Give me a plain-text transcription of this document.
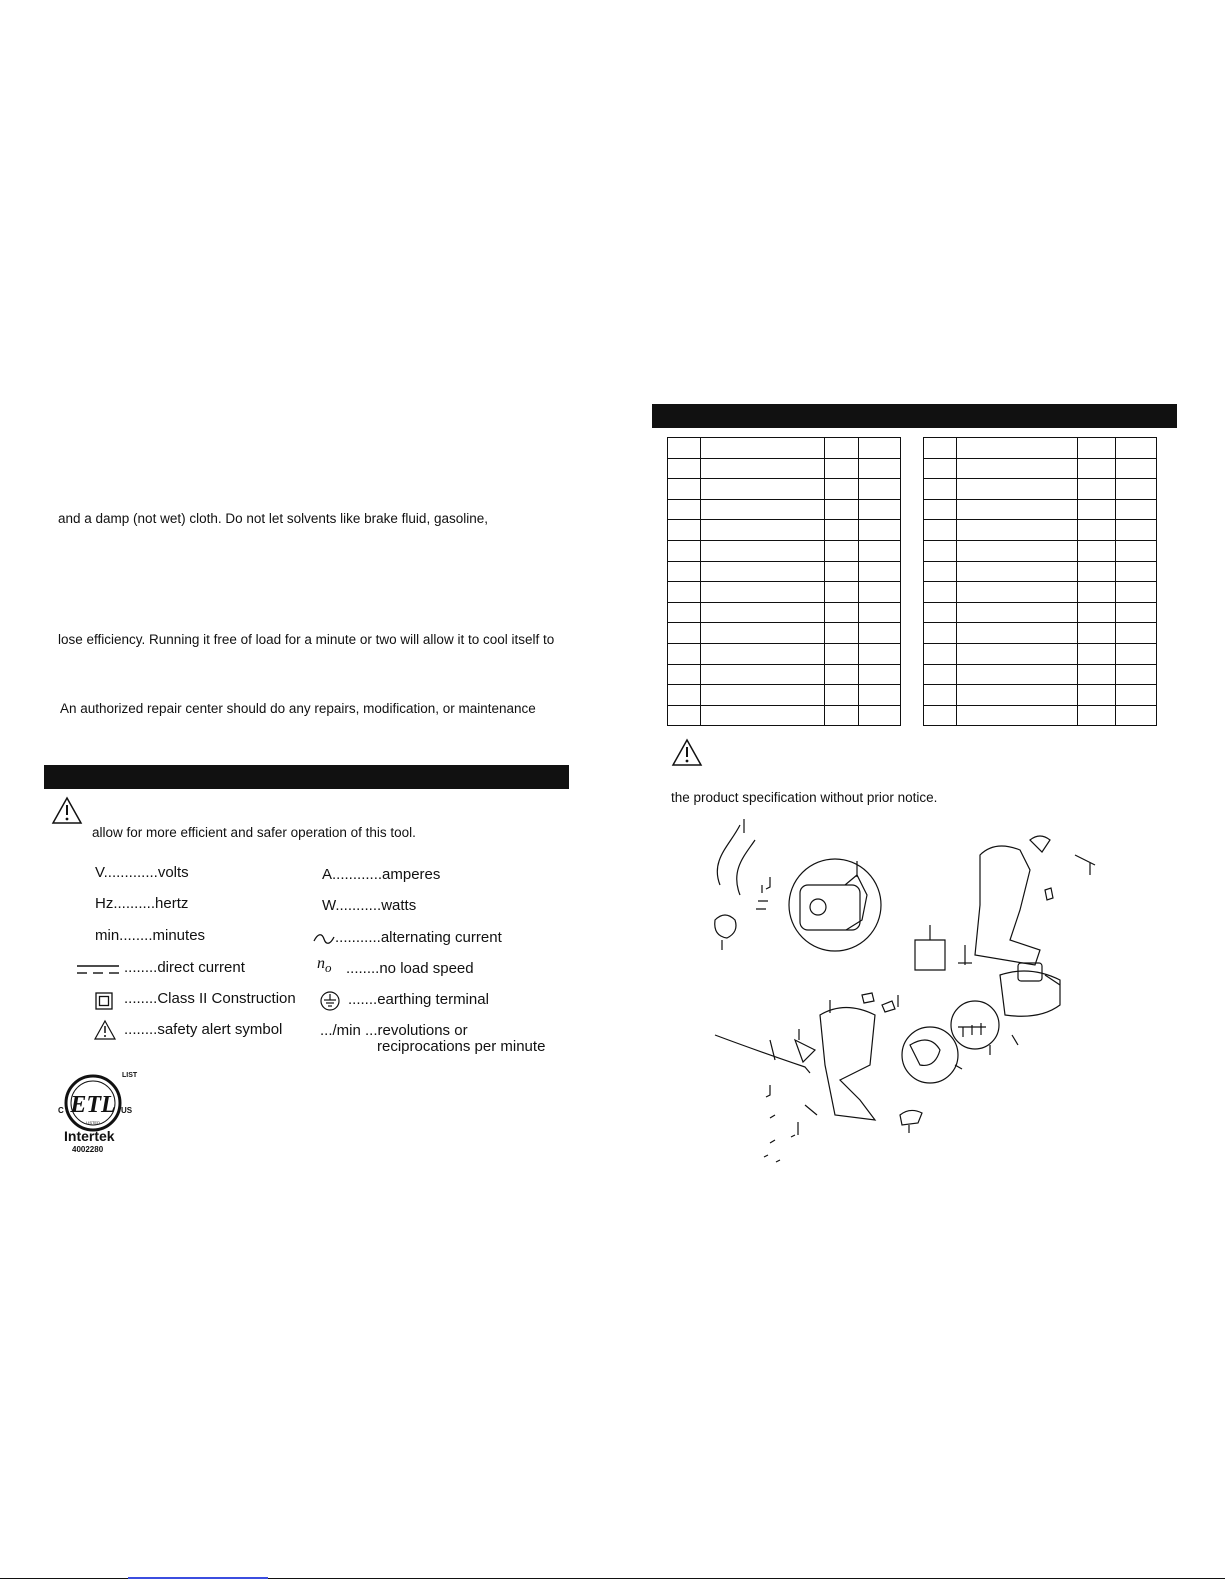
and a damp (not wet) cloth. Do not let solvents like brake fluid, gasoline,
lose efficiency. Running it free of load for a minute or two will allow it to cool itself to
An authorized repair center should do any repairs, modification, or maintenance
allow for more efficient and safer operation of this tool.
V.............volts
Hz..........hertz
min........minutes
........direct current
........Class II Construction
........safety alert symbol
A............amperes
W...........watts
...........alternating current
$n_o$ ........no load speed
.......earthing terminal
.../min ...revolutions or
reciprocations per minute
ETL
LIST
C	US
LISTED
Intertek
4002280

the product specification without prior notice.
